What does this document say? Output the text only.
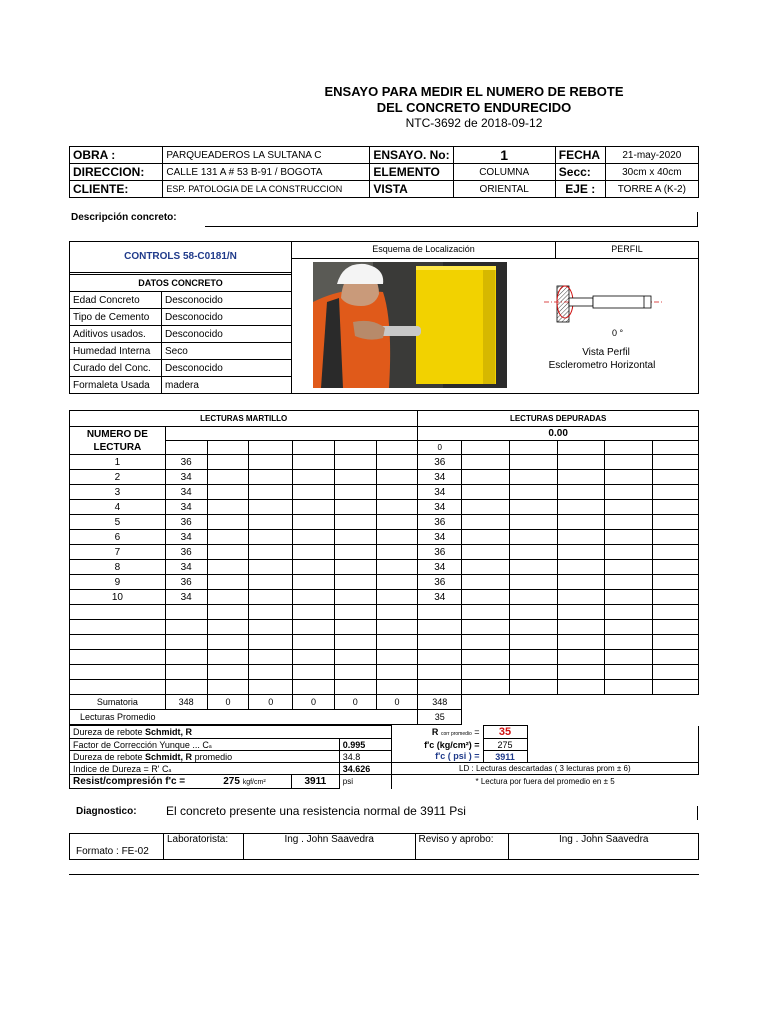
ENSAYO PARA MEDIR EL NUMERO DE REBOTE
DEL CONCRETO ENDURECIDO
NTC-3692 de 2018-09-12
OBRA :	PARQUEADEROS LA SULTANA C	ENSAYO. No:	1	FECHA	21-may-2020
DIRECCION:	CALLE 131 A # 53 B-91 / BOGOTA	ELEMENTO	COLUMNA	Secc:	30cm x 40cm
CLIENTE:	ESP. PATOLOGIA DE LA CONSTRUCCION	VISTA	ORIENTAL	EJE :	TORRE A (K-2)
Descripción concreto:
CONTROLS 58-C0181/N
Esquema de Localización	PERFIL
DATOS CONCRETO	
Edad Concreto	Desconocido
Tipo de Cemento	Desconocido
Aditivos usados.	Desconocido
Humedad Interna	Seco
Curado del Conc.	Desconocido
Formaleta Usada	madera
0 °
Vista Perfil
Esclerometro Horizontal
LECTURAS MARTILLO							LECTURAS DEPURADAS					
NUMERO DE
LECTURA							0.00					
							0					
1	36						36					
2	34						34					
3	34						34					
4	34						34					
5	36						36					
6	34						34					
7	36						36					
8	34						34					
9	36						36					
10	34						34					

Sumatoria	348	0	0	0	0	0	348					
Lecturas Promedio							35					
Dureza de rebote Schmidt, R			R corr promedio =	35	
Factor de Corrección Yunque ... Ca		0.995	f'c (kg/cm²) =	275	
Dureza de rebote Schmidt, R promedio		34.8	f'c ( psi ) =	3911	
Indice de Dureza = R' Ca		34.626	LD : Lecturas descartadas ( 3 lecturas prom ± 6)		
Resist/compresión f'c = 275 kgf/cm²	3911	psi	* Lectura por fuera del promedio en ± 5		
Diagnostico: El concreto presente una resistencia normal de 3911 Psi
Formato : FE-02	Laboratorista:	Ing . John Saavedra	Reviso y aprobo:	Ing . John Saavedra
